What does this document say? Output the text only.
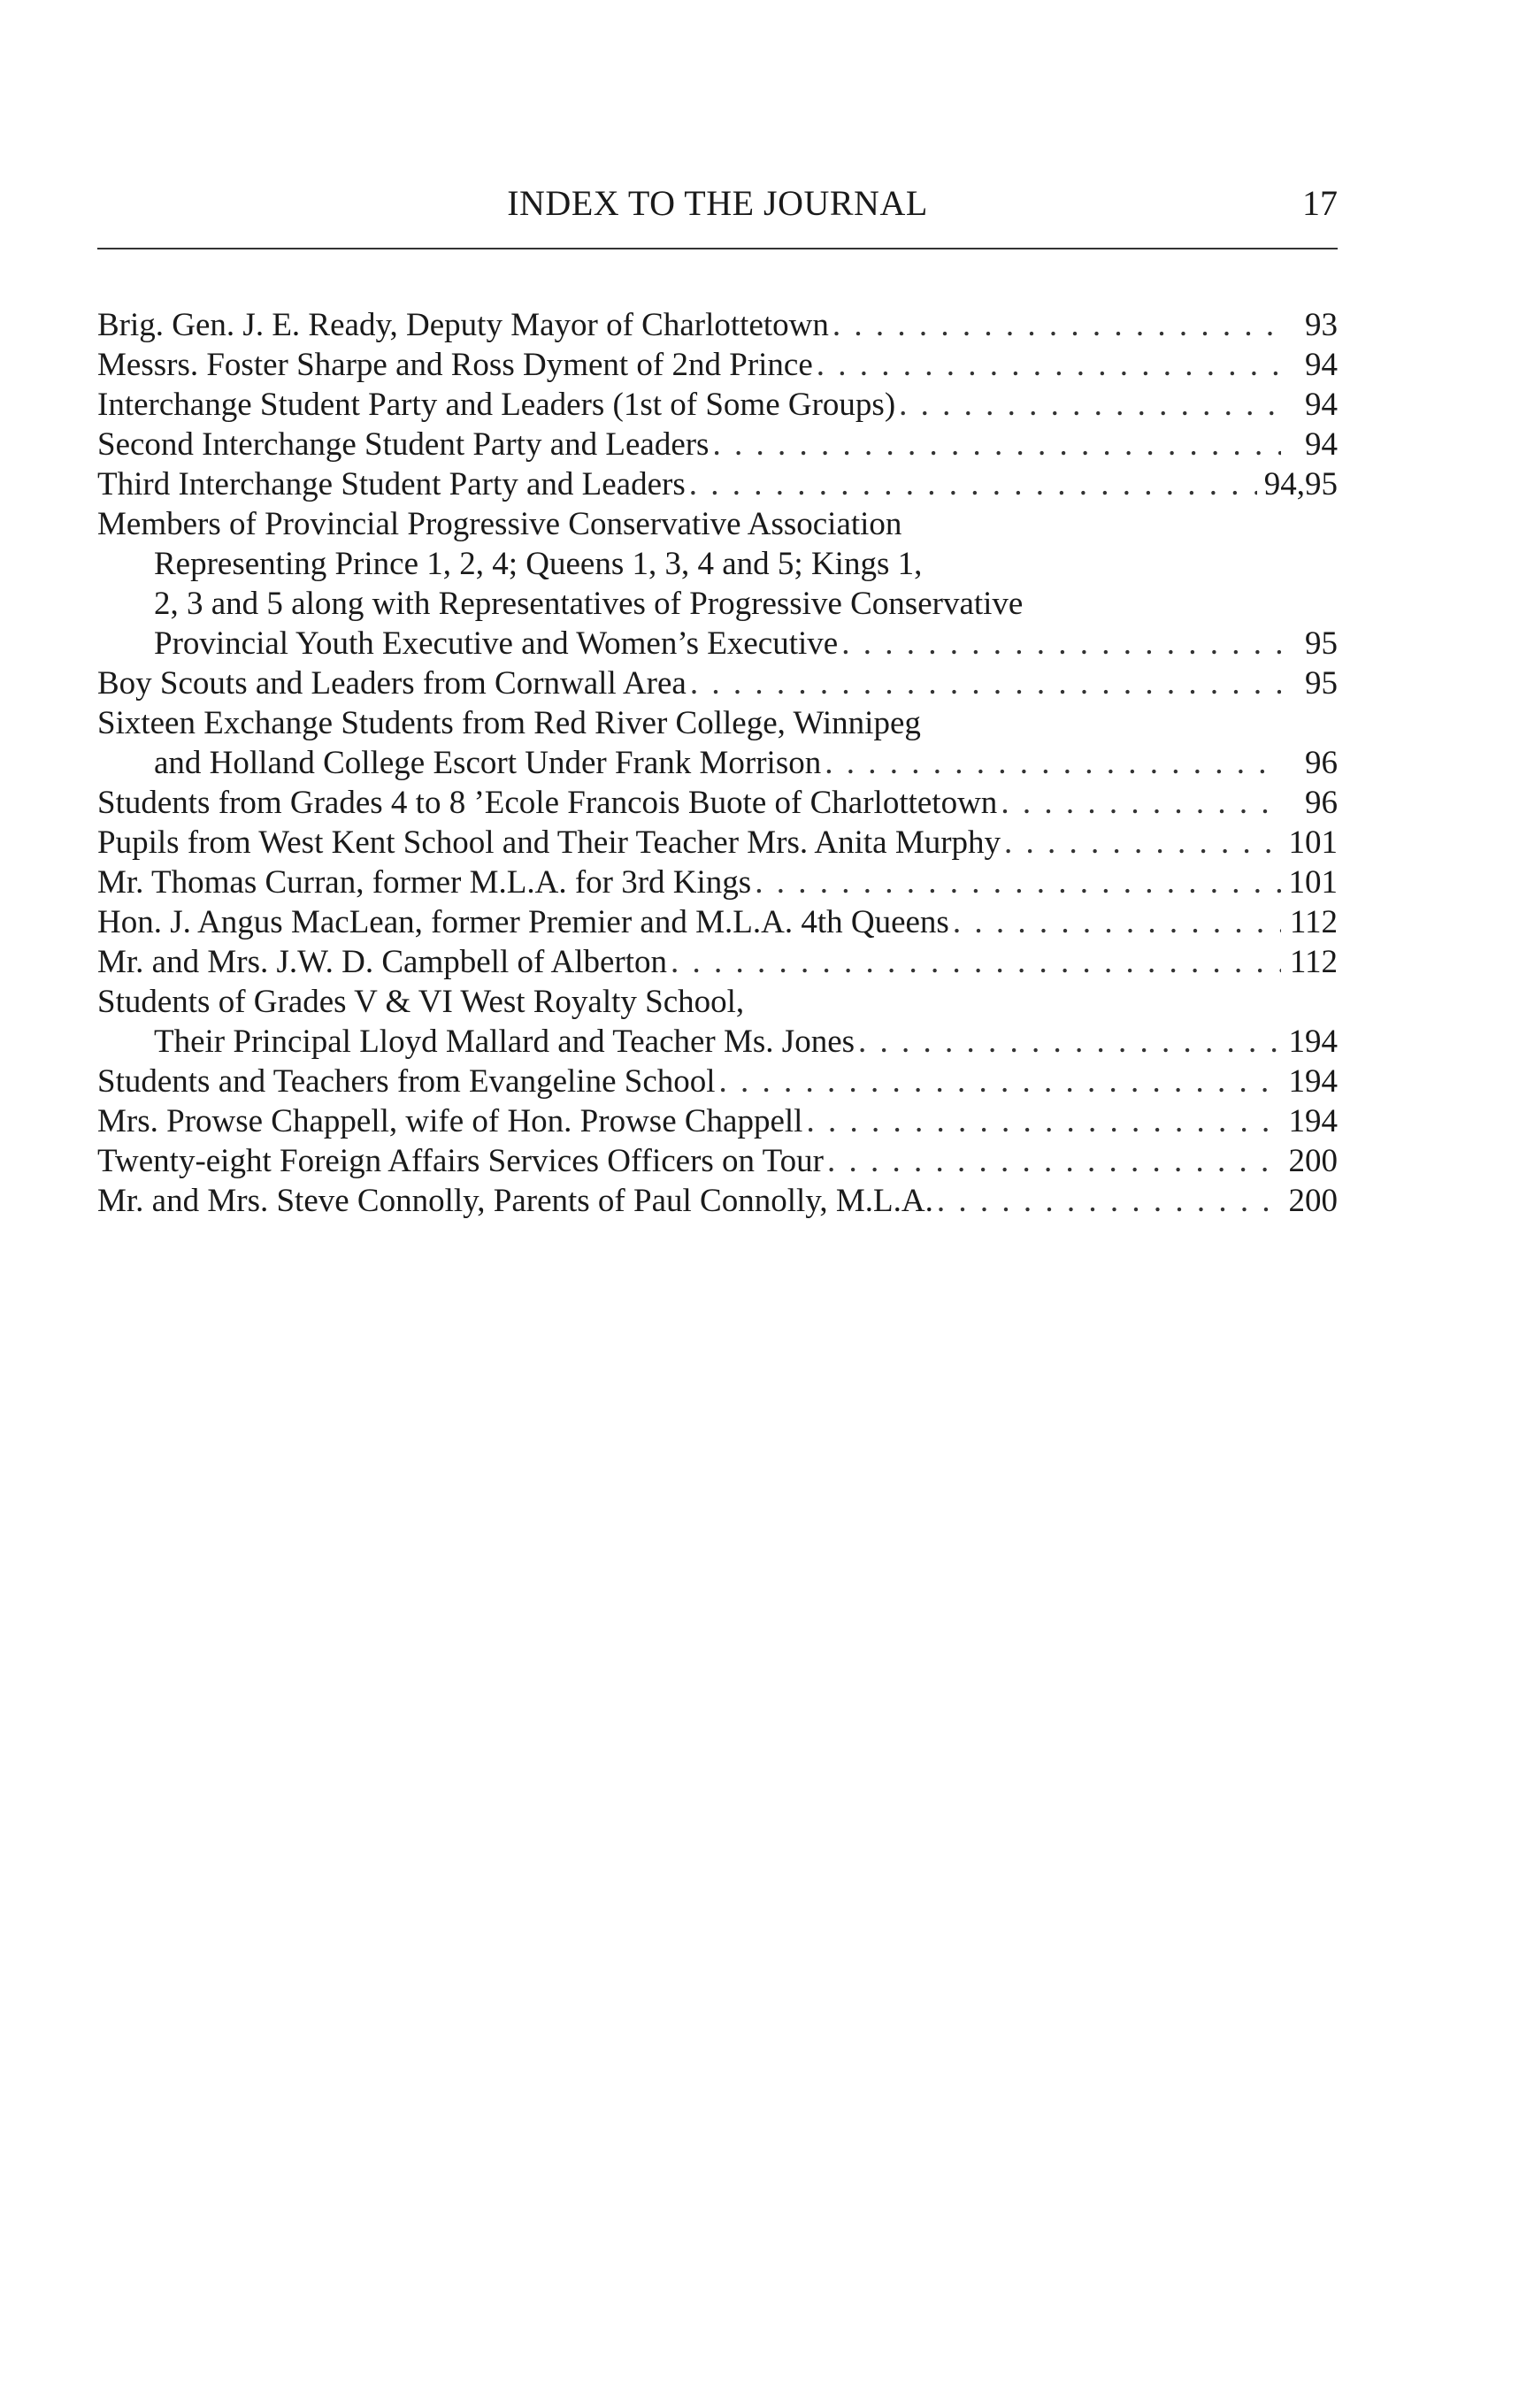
INDEX TO THE JOURNAL	17
Brig. Gen. J. E. Ready, Deputy Mayor of Charlottetown . . .	93
Messrs. Foster Sharpe and Ross Dyment of 2nd Prince . . .	94
Interchange Student Party and Leaders (1st of Some Groups) . . .	94
Second Interchange Student Party and Leaders . . .	94
Third Interchange Student Party and Leaders . . .	94,95
Members of Provincial Progressive Conservative Association
Representing Prince 1, 2, 4; Queens 1, 3, 4 and 5; Kings 1,
2, 3 and 5 along with Representatives of Progressive Conservative
Provincial Youth Executive and Women’s Executive . . .	95
Boy Scouts and Leaders from Cornwall Area . . .	95
Sixteen Exchange Students from Red River College, Winnipeg
and Holland College Escort Under Frank Morrison . . .	96
Students from Grades 4 to 8 ’Ecole Francois Buote of Charlottetown . . .	96
Pupils from West Kent School and Their Teacher Mrs. Anita Murphy . . .	101
Mr. Thomas Curran, former M.L.A. for 3rd Kings . . .	101
Hon. J. Angus MacLean, former Premier and M.L.A. 4th Queens . . .	112
Mr. and Mrs. J.W. D. Campbell of Alberton . . .	112
Students of Grades V & VI West Royalty School,
Their Principal Lloyd Mallard and Teacher Ms. Jones . . .	194
Students and Teachers from Evangeline School . . .	194
Mrs. Prowse Chappell, wife of Hon. Prowse Chappell . . .	194
Twenty-eight Foreign Affairs Services Officers on Tour . . .	200
Mr. and Mrs. Steve Connolly, Parents of Paul Connolly, M.L.A. . . .	200
